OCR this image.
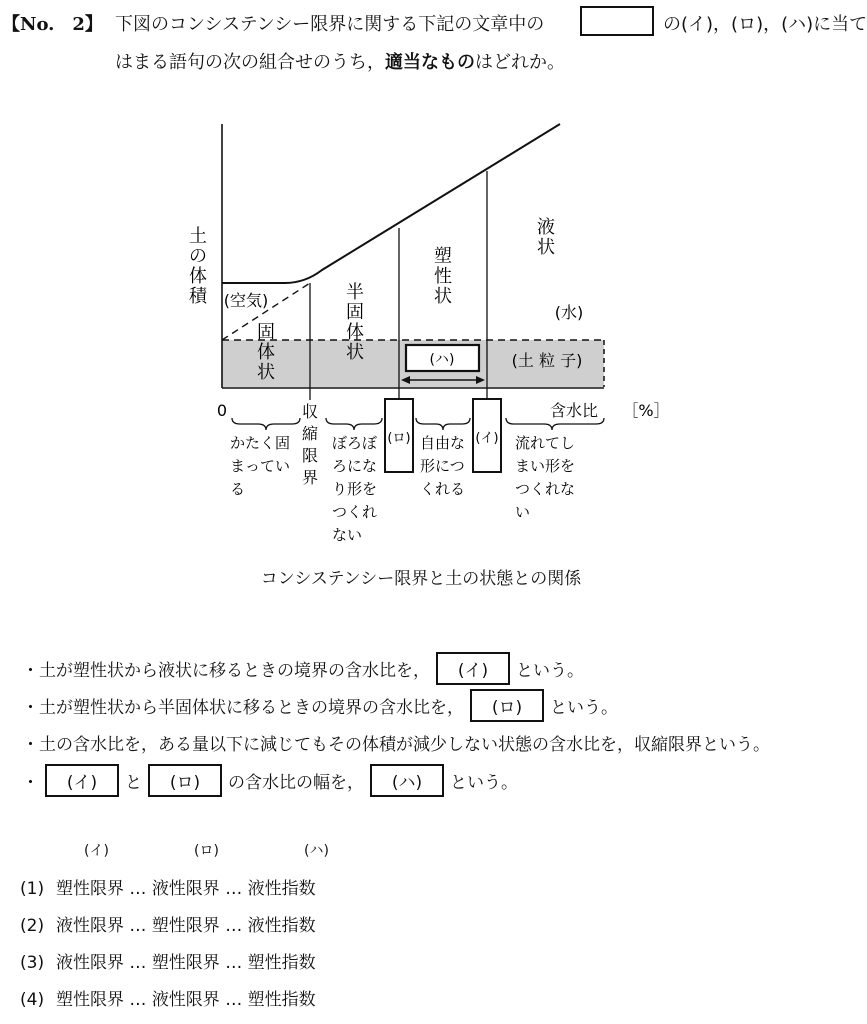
【No.　2】 下図のコンシステンシー限界に関する下記の文章中の	の(イ)，(ロ)，(ハ)に当て
はまる語句の次の組合せのうち，適当なものはどれか。
(ハ)
土
の
体
積 (空気)
固
体
状
半
固
体
状
塑
性
状
液
状
(水)
(土 粒 子)
0	含水比 ［%］
収
縮
限
界
(ロ)	(イ)
かたく固
まってい
る
ぼろぼ
ろにな
り形を
つくれ
ない
自由な
形につ
くれる
流れてし
まい形を
つくれな
い
コンシステンシー限界と土の状態との関係
・土が塑性状から液状に移るときの境界の含水比を， (イ) という。
・土が塑性状から半固体状に移るときの境界の含水比を， (ロ) という。
・土の含水比を，ある量以下に減じてもその体積が減少しない状態の含水比を，収縮限界という。
・ (イ) と (ロ) の含水比の幅を， (ハ) という。
(イ)	(ロ)	(ハ)
(1) 塑性限界 … 液性限界 … 液性指数
(2) 液性限界 … 塑性限界 … 液性指数
(3) 液性限界 … 塑性限界 … 塑性指数
(4) 塑性限界 … 液性限界 … 塑性指数
